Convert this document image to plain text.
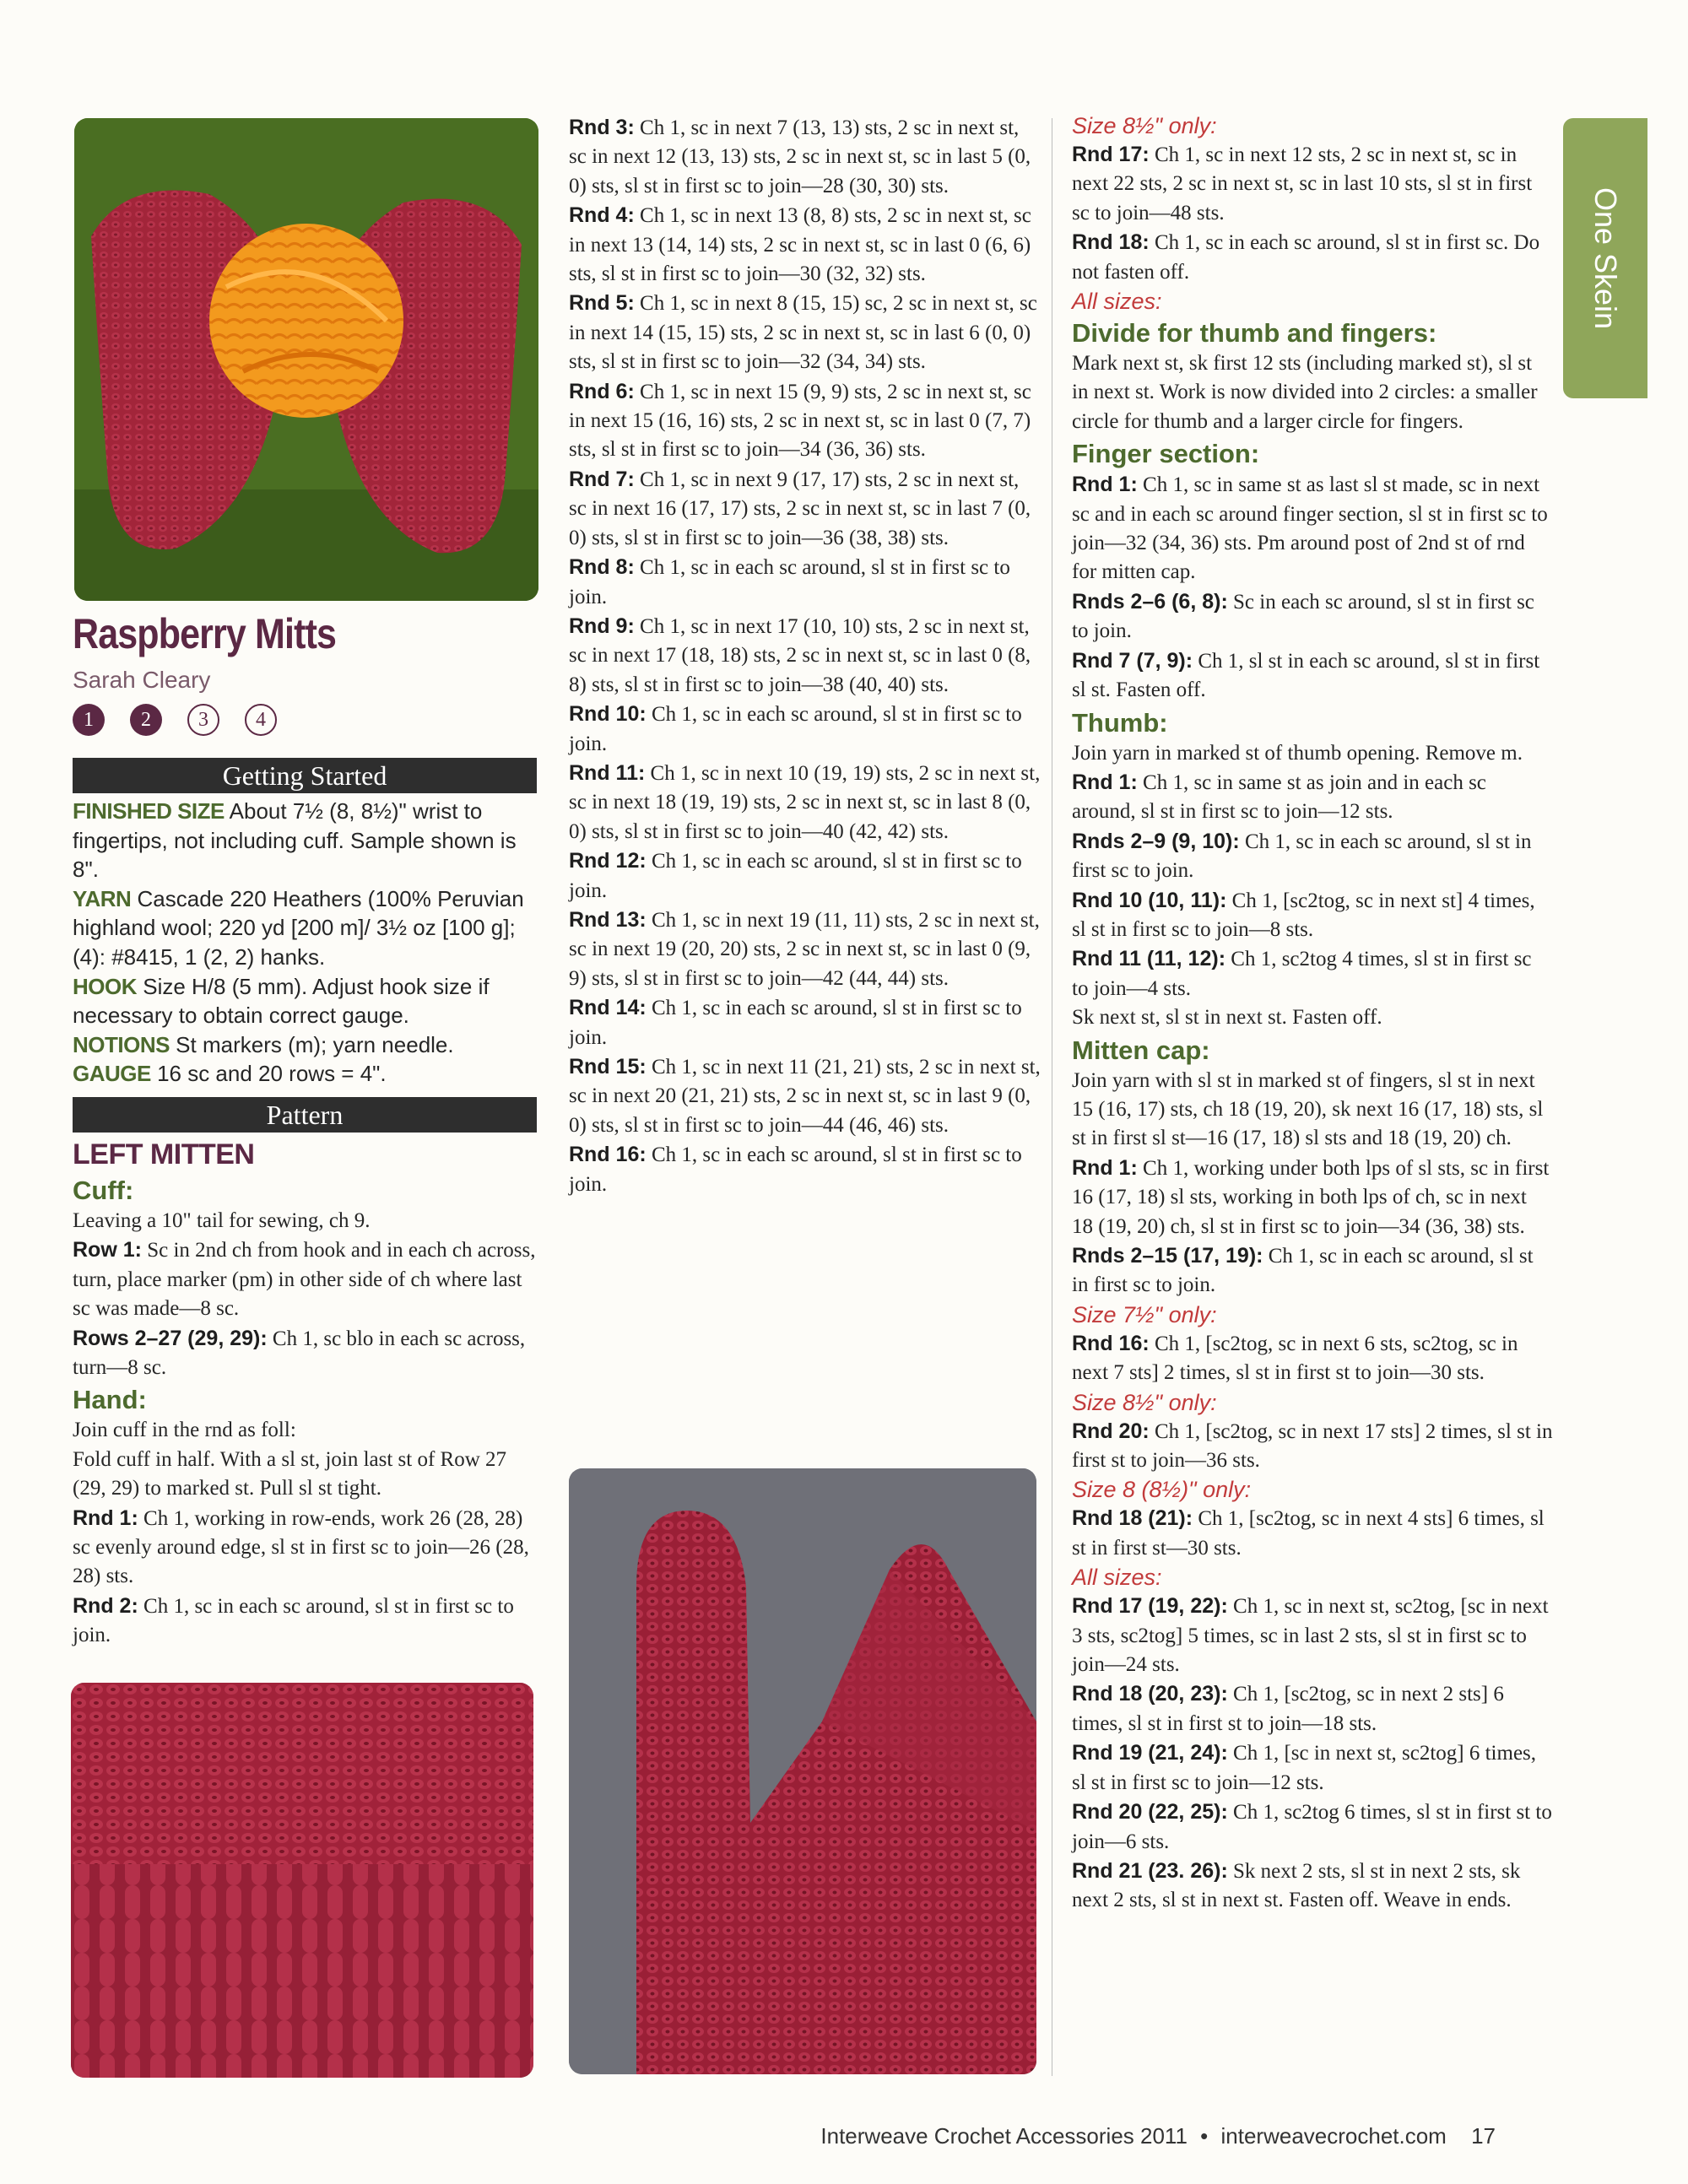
One Skein
Raspberry Mitts
Sarah Cleary
1	2	3	4
Getting Started

FINISHED SIZE About 7½ (8, 8½)" wrist to fingertips, not including cuff. Sample shown is 8".

YARN Cascade 220 Heathers (100% Peruvian highland wool; 220 yd [200 m]/ 3½ oz [100 g]; (4): #8415, 1 (2, 2) hanks.

HOOK Size H/8 (5 mm). Adjust hook size if necessary to obtain correct gauge.

NOTIONS St markers (m); yarn needle.

GAUGE 16 sc and 20 rows = 4".

Pattern
LEFT MITTEN
Cuff:

Leaving a 10" tail for sewing, ch 9.

Row 1: Sc in 2nd ch from hook and in each ch across, turn, place marker (pm) in other side of ch where last sc was made—8 sc.

Rows 2–27 (29, 29): Ch 1, sc blo in each sc across, turn—8 sc.

Hand:

Join cuff in the rnd as foll:

Fold cuff in half. With a sl st, join last st of Row 27 (29, 29) to marked st. Pull sl st tight.

Rnd 1: Ch 1, working in row-ends, work 26 (28, 28) sc evenly around edge, sl st in first sc to join—26 (28, 28) sts.

Rnd 2: Ch 1, sc in each sc around, sl st in first sc to join.

Rnd 3: Ch 1, sc in next 7 (13, 13) sts, 2 sc in next st, sc in next 12 (13, 13) sts, 2 sc in next st, sc in last 5 (0, 0) sts, sl st in first sc to join—28 (30, 30) sts.

Rnd 4: Ch 1, sc in next 13 (8, 8) sts, 2 sc in next st, sc in next 13 (14, 14) sts, 2 sc in next st, sc in last 0 (6, 6) sts, sl st in first sc to join—30 (32, 32) sts.

Rnd 5: Ch 1, sc in next 8 (15, 15) sc, 2 sc in next st, sc in next 14 (15, 15) sts, 2 sc in next st, sc in last 6 (0, 0) sts, sl st in first sc to join—32 (34, 34) sts.

Rnd 6: Ch 1, sc in next 15 (9, 9) sts, 2 sc in next st, sc in next 15 (16, 16) sts, 2 sc in next st, sc in last 0 (7, 7) sts, sl st in first sc to join—34 (36, 36) sts.

Rnd 7: Ch 1, sc in next 9 (17, 17) sts, 2 sc in next st, sc in next 16 (17, 17) sts, 2 sc in next st, sc in last 7 (0, 0) sts, sl st in first sc to join—36 (38, 38) sts.

Rnd 8: Ch 1, sc in each sc around, sl st in first sc to join.

Rnd 9: Ch 1, sc in next 17 (10, 10) sts, 2 sc in next st, sc in next 17 (18, 18) sts, 2 sc in next st, sc in last 0 (8, 8) sts, sl st in first sc to join—38 (40, 40) sts.

Rnd 10: Ch 1, sc in each sc around, sl st in first sc to join.

Rnd 11: Ch 1, sc in next 10 (19, 19) sts, 2 sc in next st, sc in next 18 (19, 19) sts, 2 sc in next st, sc in last 8 (0, 0) sts, sl st in first sc to join—40 (42, 42) sts.

Rnd 12: Ch 1, sc in each sc around, sl st in first sc to join.

Rnd 13: Ch 1, sc in next 19 (11, 11) sts, 2 sc in next st, sc in next 19 (20, 20) sts, 2 sc in next st, sc in last 0 (9, 9) sts, sl st in first sc to join—42 (44, 44) sts.

Rnd 14: Ch 1, sc in each sc around, sl st in first sc to join.

Rnd 15: Ch 1, sc in next 11 (21, 21) sts, 2 sc in next st, sc in next 20 (21, 21) sts, 2 sc in next st, sc in last 9 (0, 0) sts, sl st in first sc to join—44 (46, 46) sts.

Rnd 16: Ch 1, sc in each sc around, sl st in first sc to join.

Size 8½" only:

Rnd 17: Ch 1, sc in next 12 sts, 2 sc in next st, sc in next 22 sts, 2 sc in next st, sc in last 10 sts, sl st in first sc to join—48 sts.

Rnd 18: Ch 1, sc in each sc around, sl st in first sc. Do not fasten off.

All sizes:

Divide for thumb and fingers:

Mark next st, sk first 12 sts (including marked st), sl st in next st. Work is now divided into 2 circles: a smaller circle for thumb and a larger circle for fingers.

Finger section:

Rnd 1: Ch 1, sc in same st as last sl st made, sc in next sc and in each sc around finger section, sl st in first sc to join—32 (34, 36) sts. Pm around post of 2nd st of rnd for mitten cap.

Rnds 2–6 (6, 8): Sc in each sc around, sl st in first sc to join.

Rnd 7 (7, 9): Ch 1, sl st in each sc around, sl st in first sl st. Fasten off.

Thumb:

Join yarn in marked st of thumb opening. Remove m.

Rnd 1: Ch 1, sc in same st as join and in each sc around, sl st in first sc to join—12 sts.

Rnds 2–9 (9, 10): Ch 1, sc in each sc around, sl st in first sc to join.

Rnd 10 (10, 11): Ch 1, [sc2tog, sc in next st] 4 times, sl st in first sc to join—8 sts.

Rnd 11 (11, 12): Ch 1, sc2tog 4 times, sl st in first sc to join—4 sts.

Sk next st, sl st in next st. Fasten off.

Mitten cap:

Join yarn with sl st in marked st of fingers, sl st in next 15 (16, 17) sts, ch 18 (19, 20), sk next 16 (17, 18) sts, sl st in first sl st—16 (17, 18) sl sts and 18 (19, 20) ch.

Rnd 1: Ch 1, working under both lps of sl sts, sc in first 16 (17, 18) sl sts, working in both lps of ch, sc in next 18 (19, 20) ch, sl st in first sc to join—34 (36, 38) sts.

Rnds 2–15 (17, 19): Ch 1, sc in each sc around, sl st in first sc to join.

Size 7½" only:

Rnd 16: Ch 1, [sc2tog, sc in next 6 sts, sc2tog, sc in next 7 sts] 2 times, sl st in first st to join—30 sts.

Size 8½" only:

Rnd 20: Ch 1, [sc2tog, sc in next 17 sts] 2 times, sl st in first st to join—36 sts.

Size 8 (8½)" only:

Rnd 18 (21): Ch 1, [sc2tog, sc in next 4 sts] 6 times, sl st in first st—30 sts.

All sizes:

Rnd 17 (19, 22): Ch 1, sc in next st, sc2tog, [sc in next 3 sts, sc2tog] 5 times, sc in last 2 sts, sl st in first sc to join—24 sts.

Rnd 18 (20, 23): Ch 1, [sc2tog, sc in next 2 sts] 6 times, sl st in first st to join—18 sts.

Rnd 19 (21, 24): Ch 1, [sc in next st, sc2tog] 6 times, sl st in first sc to join—12 sts.

Rnd 20 (22, 25): Ch 1, sc2tog 6 times, sl st in first st to join—6 sts.

Rnd 21 (23. 26): Sk next 2 sts, sl st in next 2 sts, sk next 2 sts, sl st in next st. Fasten off. Weave in ends.

Interweave Crochet Accessories 2011 • interweavecrochet.com 17
